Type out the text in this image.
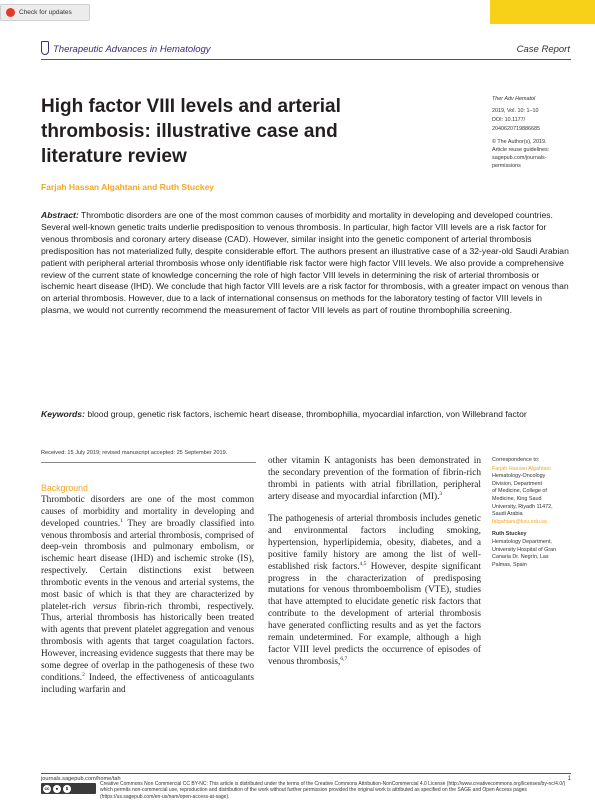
Check for updates
Therapeutic Advances in Hematology	Case Report
High factor VIII levels and arterial thrombosis: illustrative case and literature review
Farjah Hassan Algahtani and Ruth Stuckey
Ther Adv Hematol
2019, Vol. 10: 1–10
DOI: 10.1177/
2040620719886685
© The Author(s), 2019.
Article reuse guidelines:
sagepub.com/journals-
permissions
Abstract: Thrombotic disorders are one of the most common causes of morbidity and mortality in developing and developed countries. Several well-known genetic traits underlie predisposition to venous thrombosis. In particular, high factor VIII levels are a risk factor for venous thrombosis and coronary artery disease (CAD). However, similar insight into the genetic component of arterial thrombosis predisposition has not materialized fully, despite considerable effort. The authors present an illustrative case of a 32-year-old Saudi Arabian patient with peripheral arterial thrombosis whose only identifiable risk factor were high factor VIII levels. We also provide a comprehensive review of the current state of knowledge concerning the role of high factor VIII levels in determining the risk of arterial thrombosis or ischemic heart disease (IHD). We conclude that high factor VIII levels are a risk factor for thrombosis, with a greater impact on venous than on arterial thrombosis. However, due to a lack of international consensus on methods for the laboratory testing of factor VIII levels in plasma, we would not currently recommend the measurement of factor VIII levels as part of routine thrombophilia screening.
Keywords: blood group, genetic risk factors, ischemic heart disease, thrombophilia, myocardial infarction, von Willebrand factor
Received: 15 July 2019; revised manuscript accepted: 25 September 2019.
Background

Thrombotic disorders are one of the most common causes of morbidity and mortality in developing and developed countries.$^1$ They are broadly classified into venous thrombosis and arterial thrombosis, comprised of deep-vein thrombosis and pulmonary embolism, or ischemic heart disease (IHD) and ischemic stroke (IS), respectively. Certain distinctions exist between thrombotic events in the venous and arterial systems, the most basic of which is that they are characterized by platelet-rich versus fibrin-rich thrombi, respectively. Thus, arterial thrombosis has historically been treated with agents that prevent platelet aggregation and venous thrombosis with agents that target coagulation factors. However, increasing evidence suggests that there may be some degree of overlap in the pathogenesis of these two conditions.$^2$ Indeed, the effectiveness of anticoagulants including warfarin and

other vitamin K antagonists has been demonstrated in the secondary prevention of the formation of fibrin-rich thrombi in patients with atrial fibrillation, peripheral artery disease and myocardial infarction (MI).$^3$

The pathogenesis of arterial thrombosis includes genetic and environmental factors including smoking, hypertension, hyperlipidemia, obesity, diabetes, and a positive family history are among the list of well-established risk factors.$^{4,5}$ However, despite significant progress in the characterization of predisposing mutations for venous thromboembolism (VTE), studies that have attempted to elucidate genetic risk factors that contribute to the development of arterial thrombosis have generated conflicting results and as yet the factors remain undetermined. For example, although a high factor VIII level predicts the occurrence of episodes of venous thrombosis,$^{6,7}$

Correspondence to:
Farjah Hassan Algahtani
Hematology-Oncology
Division, Department
of Medicine, College of
Medicine, King Saud
University, Riyadh 11472,
Saudi Arabia
falgahtani@ksu.edu.sa
Ruth Stuckey
Hematology Department,
University Hospital of Gran
Canaria Dr. Negrín, Las
Palmas, Spain
journals.sagepub.com/home/tah	1
cc	●	$
Creative Commons Non Commercial CC BY-NC: This article is distributed under the terms of the Creative Commons Attribution-NonCommercial 4.0 License (http://www.creativecommons.org/licenses/by-nc/4.0/) which permits non-commercial use, reproduction and distribution of the work without further permission provided the original work is attributed as specified on the SAGE and Open Access pages (https://us.sagepub.com/en-us/nam/open-access-at-sage).
